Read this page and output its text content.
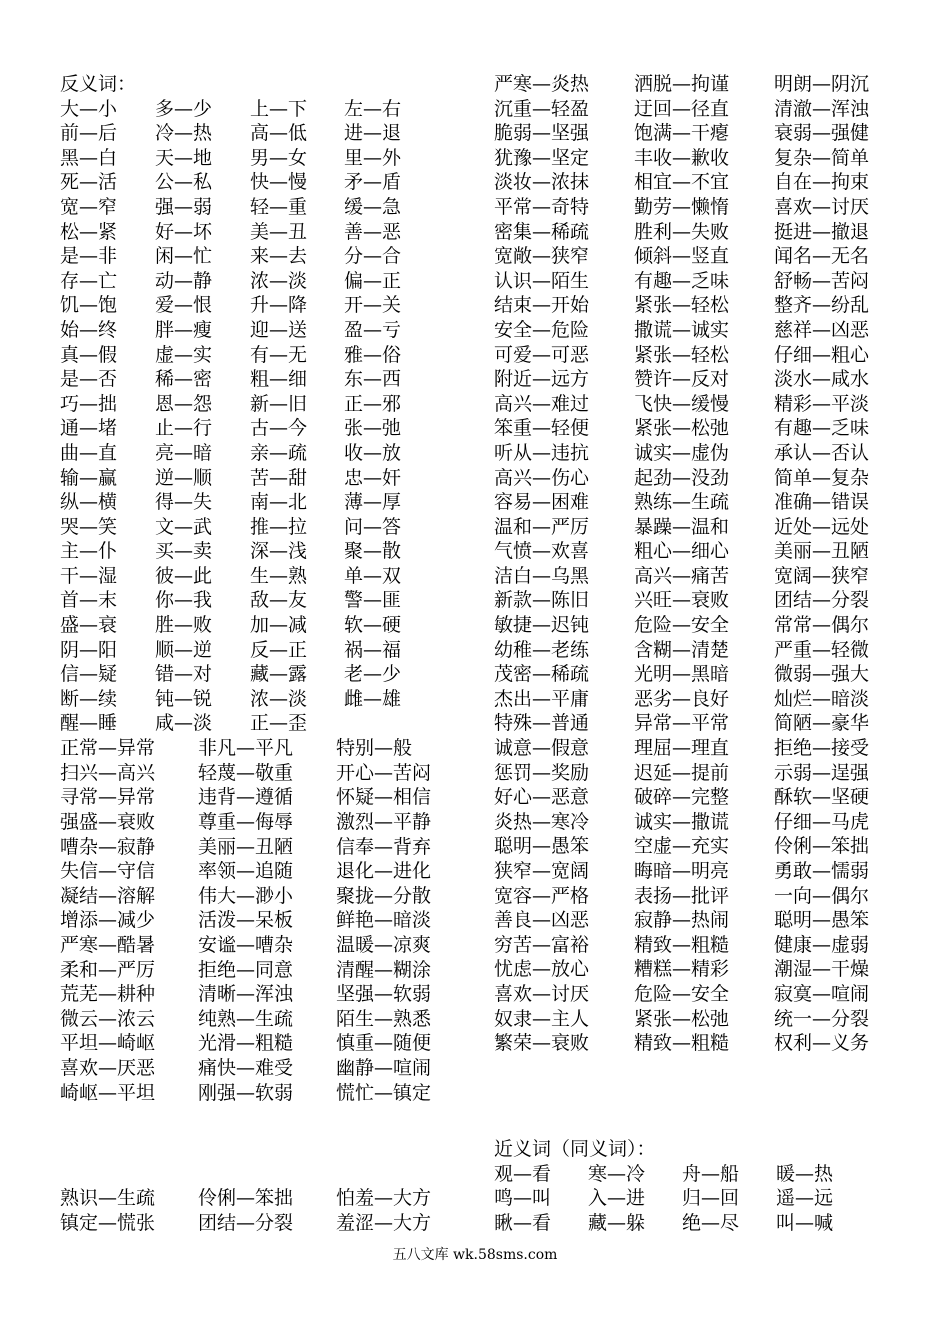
反义词：
大—小 多—少 上—下 左—右
前—后 冷—热 高—低 进—退
黑—白 天—地 男—女 里—外
死—活 公—私 快—慢 矛—盾
宽—窄 强—弱 轻—重 缓—急
松—紧 好—坏 美—丑 善—恶
是—非 闲—忙 来—去 分—合
存—亡 动—静 浓—淡 偏—正
饥—饱 爱—恨 升—降 开—关
始—终 胖—瘦 迎—送 盈—亏
真—假 虚—实 有—无 雅—俗
是—否 稀—密 粗—细 东—西
巧—拙 恩—怨 新—旧 正—邪
通—堵 止—行 古—今 张—弛
曲—直 亮—暗 亲—疏 收—放
输—赢 逆—顺 苦—甜 忠—奸
纵—横 得—失 南—北 薄—厚
哭—笑 文—武 推—拉 问—答
主—仆 买—卖 深—浅 聚—散
干—湿 彼—此 生—熟 单—双
首—末 你—我 敌—友 警—匪
盛—衰 胜—败 加—减 软—硬
阴—阳 顺—逆 反—正 祸—福
信—疑 错—对 藏—露 老—少
断—续 钝—锐 浓—淡 雌—雄
醒—睡 咸—淡 正—歪
正常—异常 非凡—平凡 特别—般
扫兴—高兴 轻蔑—敬重 开心—苦闷
寻常—异常 违背—遵循 怀疑—相信
强盛—衰败 尊重—侮辱 激烈—平静
嘈杂—寂静 美丽—丑陋 信奉—背弃
失信—守信 率领—追随 退化—进化
凝结—溶解 伟大—渺小 聚拢—分散
增添—减少 活泼—呆板 鲜艳—暗淡
严寒—酷暑 安谧—嘈杂 温暖—凉爽
柔和—严厉 拒绝—同意 清醒—糊涂
荒芜—耕种 清晰—浑浊 坚强—软弱
微云—浓云 纯熟—生疏 陌生—熟悉
平坦—崎岖 光滑—粗糙 慎重—随便
喜欢—厌恶 痛快—难受 幽静—喧闹
崎岖—平坦 刚强—软弱 慌忙—镇定
熟识—生疏 伶俐—笨拙 怕羞—大方
镇定—慌张 团结—分裂 羞涩—大方
严寒—炎热 洒脱—拘谨 明朗—阴沉
沉重—轻盈 迂回—径直 清澈—浑浊
脆弱—坚强 饱满—干瘪 衰弱—强健
犹豫—坚定 丰收—歉收 复杂—简单
淡妆—浓抹 相宜—不宜 自在—拘束
平常—奇特 勤劳—懒惰 喜欢—讨厌
密集—稀疏 胜利—失败 挺进—撤退
宽敞—狭窄 倾斜—竖直 闻名—无名
认识—陌生 有趣—乏味 舒畅—苦闷
结束—开始 紧张—轻松 整齐—纷乱
安全—危险 撒谎—诚实 慈祥—凶恶
可爱—可恶 紧张—轻松 仔细—粗心
附近—远方 赞许—反对 淡水—咸水
高兴—难过 飞快—缓慢 精彩—平淡
笨重—轻便 紧张—松弛 有趣—乏味
听从—违抗 诚实—虚伪 承认—否认
高兴—伤心 起劲—没劲 简单—复杂
容易—困难 熟练—生疏 准确—错误
温和—严厉 暴躁—温和 近处—远处
气愤—欢喜 粗心—细心 美丽—丑陋
洁白—乌黑 高兴—痛苦 宽阔—狭窄
新款—陈旧 兴旺—衰败 团结—分裂
敏捷—迟钝 危险—安全 常常—偶尔
幼稚—老练 含糊—清楚 严重—轻微
茂密—稀疏 光明—黑暗 微弱—强大
杰出—平庸 恶劣—良好 灿烂—暗淡
特殊—普通 异常—平常 简陋—豪华
诚意—假意 理屈—理直 拒绝—接受
惩罚—奖励 迟延—提前 示弱—逞强
好心—恶意 破碎—完整 酥软—坚硬
炎热—寒冷 诚实—撒谎 仔细—马虎
聪明—愚笨 空虚—充实 伶俐—笨拙
狭窄—宽阔 晦暗—明亮 勇敢—懦弱
宽容—严格 表扬—批评 一向—偶尔
善良—凶恶 寂静—热闹 聪明—愚笨
穷苦—富裕 精致—粗糙 健康—虚弱
忧虑—放心 糟糕—精彩 潮湿—干燥
喜欢—讨厌 危险—安全 寂寞—喧闹
奴隶—主人 紧张—松弛 统一—分裂
繁荣—衰败 精致—粗糙 权利—义务
近义词（同义词）：
观—看 寒—冷 舟—船 暖—热
鸣—叫 入—进 归—回 遥—远
瞅—看 藏—躲 绝—尽 叫—喊
五八文库 wk.58sms.com
